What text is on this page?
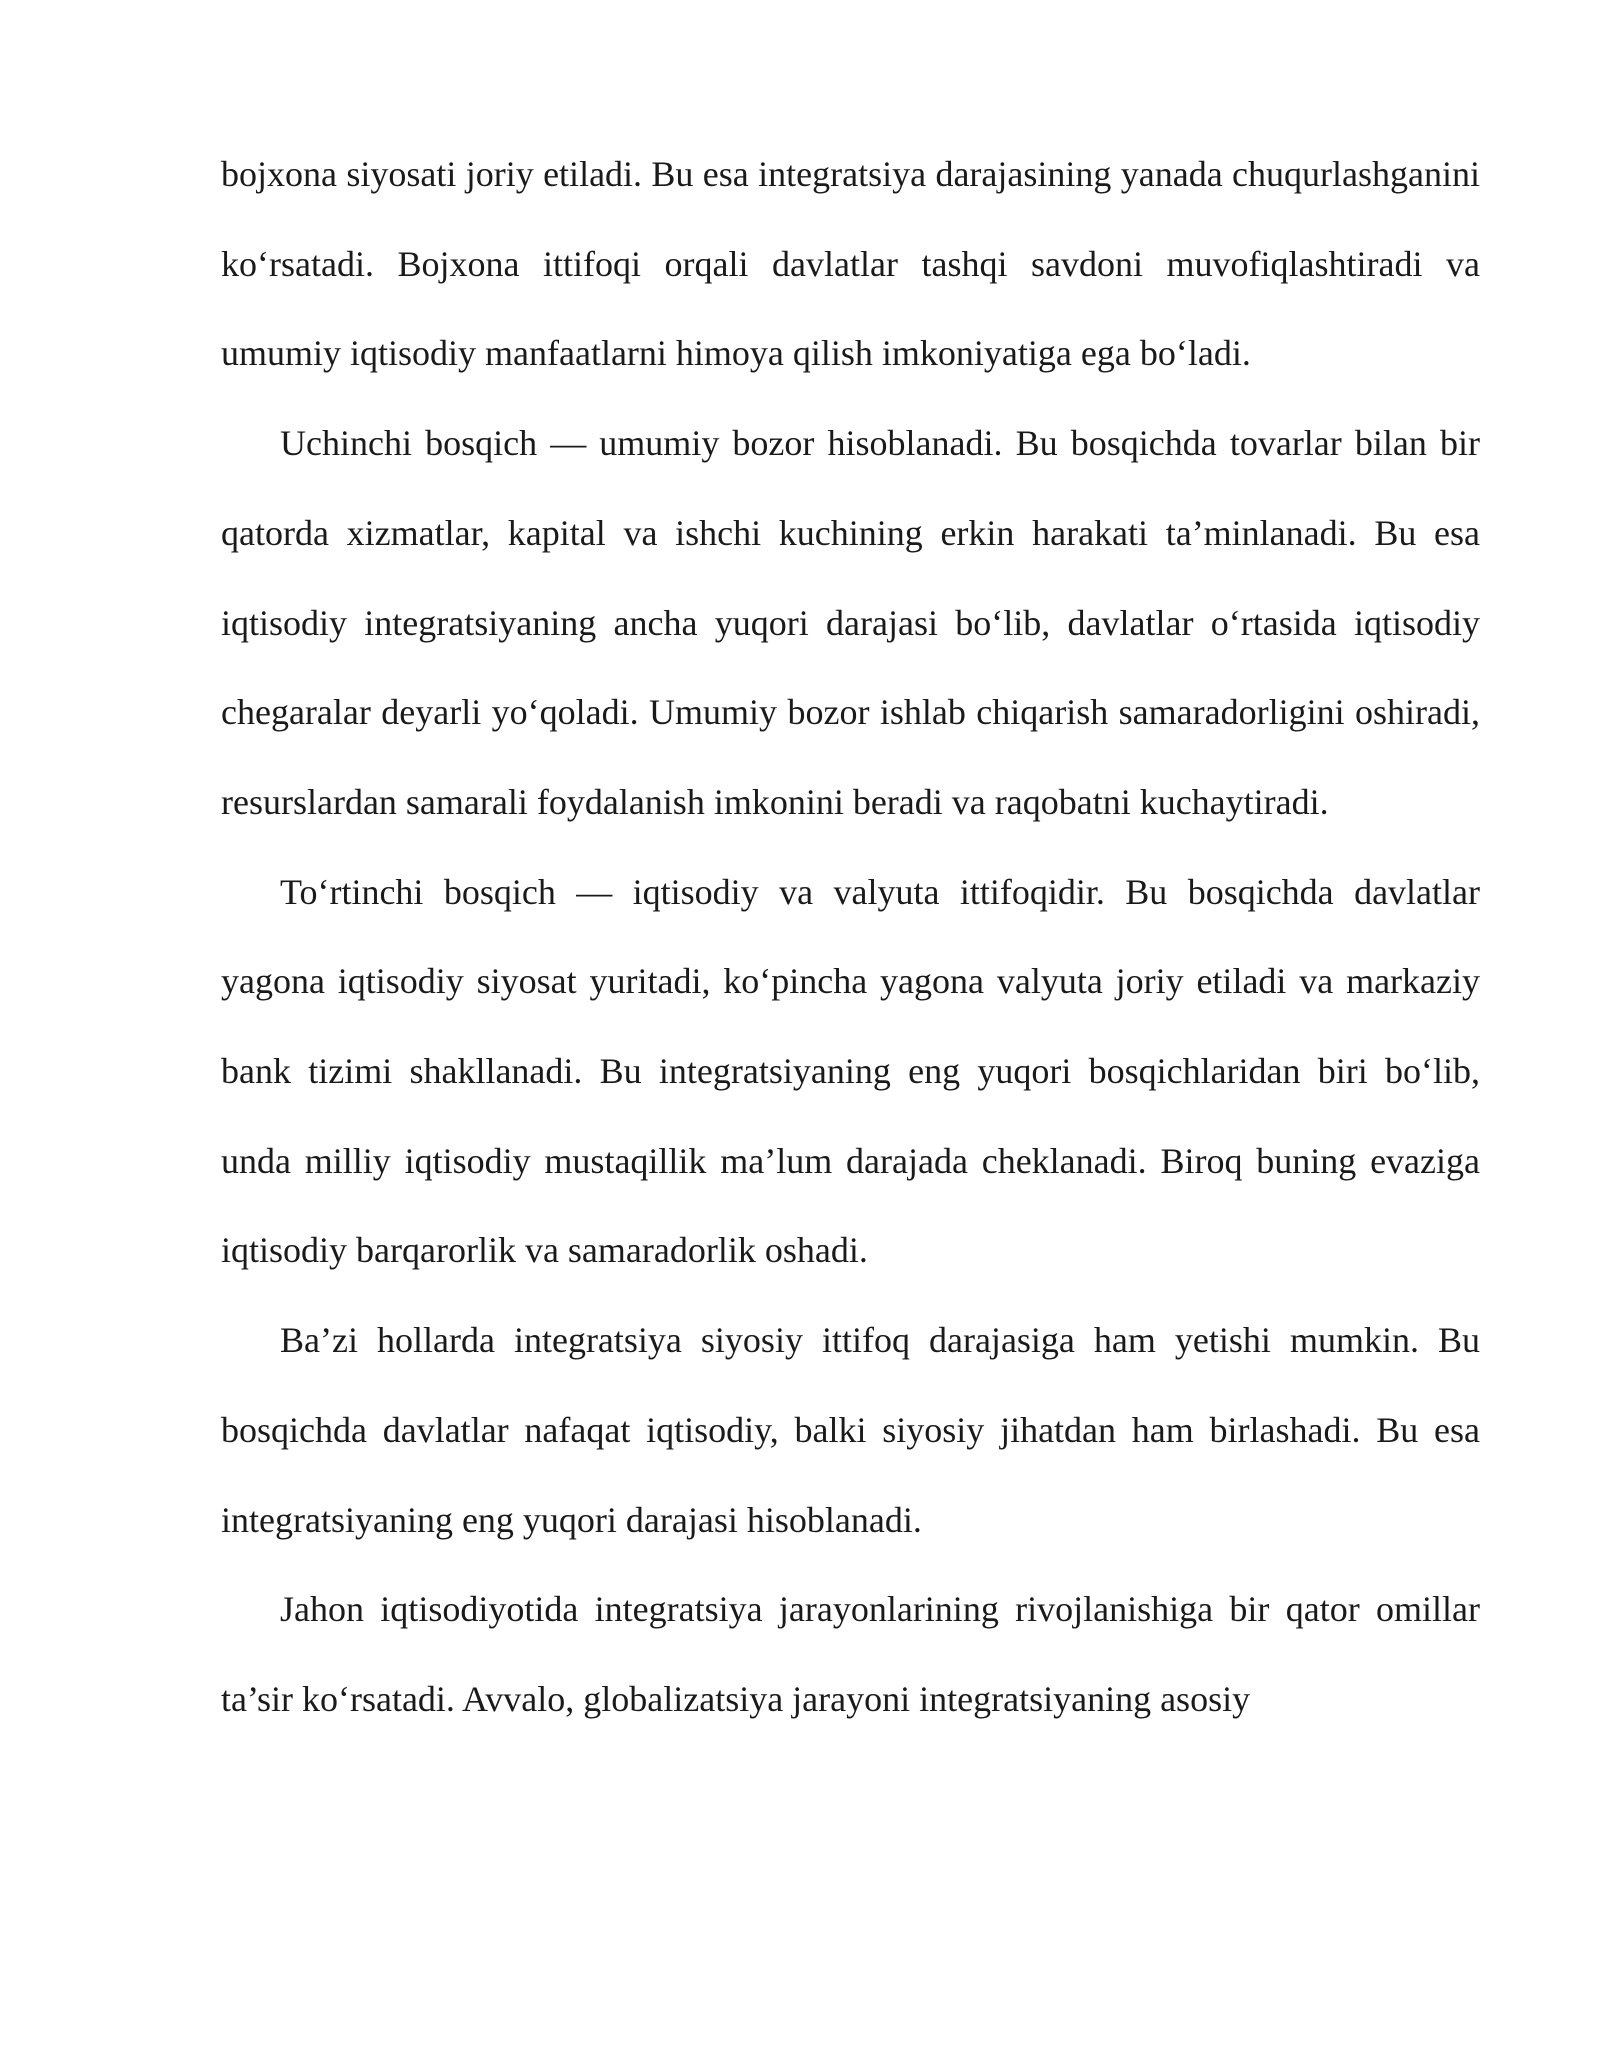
bojxona siyosati joriy etiladi. Bu esa integratsiya darajasining yanada chuqurlashganini ko‘rsatadi. Bojxona ittifoqi orqali davlatlar tashqi savdoni muvofiqlashtiradi va umumiy iqtisodiy manfaatlarni himoya qilish imkoniyatiga ega bo‘ladi.

Uchinchi bosqich — umumiy bozor hisoblanadi. Bu bosqichda tovarlar bilan bir qatorda xizmatlar, kapital va ishchi kuchining erkin harakati ta’minlanadi. Bu esa iqtisodiy integratsiyaning ancha yuqori darajasi bo‘lib, davlatlar o‘rtasida iqtisodiy chegaralar deyarli yo‘qoladi. Umumiy bozor ishlab chiqarish samaradorligini oshiradi, resurslardan samarali foydalanish imkonini beradi va raqobatni kuchaytiradi.

To‘rtinchi bosqich — iqtisodiy va valyuta ittifoqidir. Bu bosqichda davlatlar yagona iqtisodiy siyosat yuritadi, ko‘pincha yagona valyuta joriy etiladi va markaziy bank tizimi shakllanadi. Bu integratsiyaning eng yuqori bosqichlaridan biri bo‘lib, unda milliy iqtisodiy mustaqillik ma’lum darajada cheklanadi. Biroq buning evaziga iqtisodiy barqarorlik va samaradorlik oshadi.

Ba’zi hollarda integratsiya siyosiy ittifoq darajasiga ham yetishi mumkin. Bu bosqichda davlatlar nafaqat iqtisodiy, balki siyosiy jihatdan ham birlashadi. Bu esa integratsiyaning eng yuqori darajasi hisoblanadi.

Jahon iqtisodiyotida integratsiya jarayonlarining rivojlanishiga bir qator omillar ta’sir ko‘rsatadi. Avvalo, globalizatsiya jarayoni integratsiyaning asosiy
